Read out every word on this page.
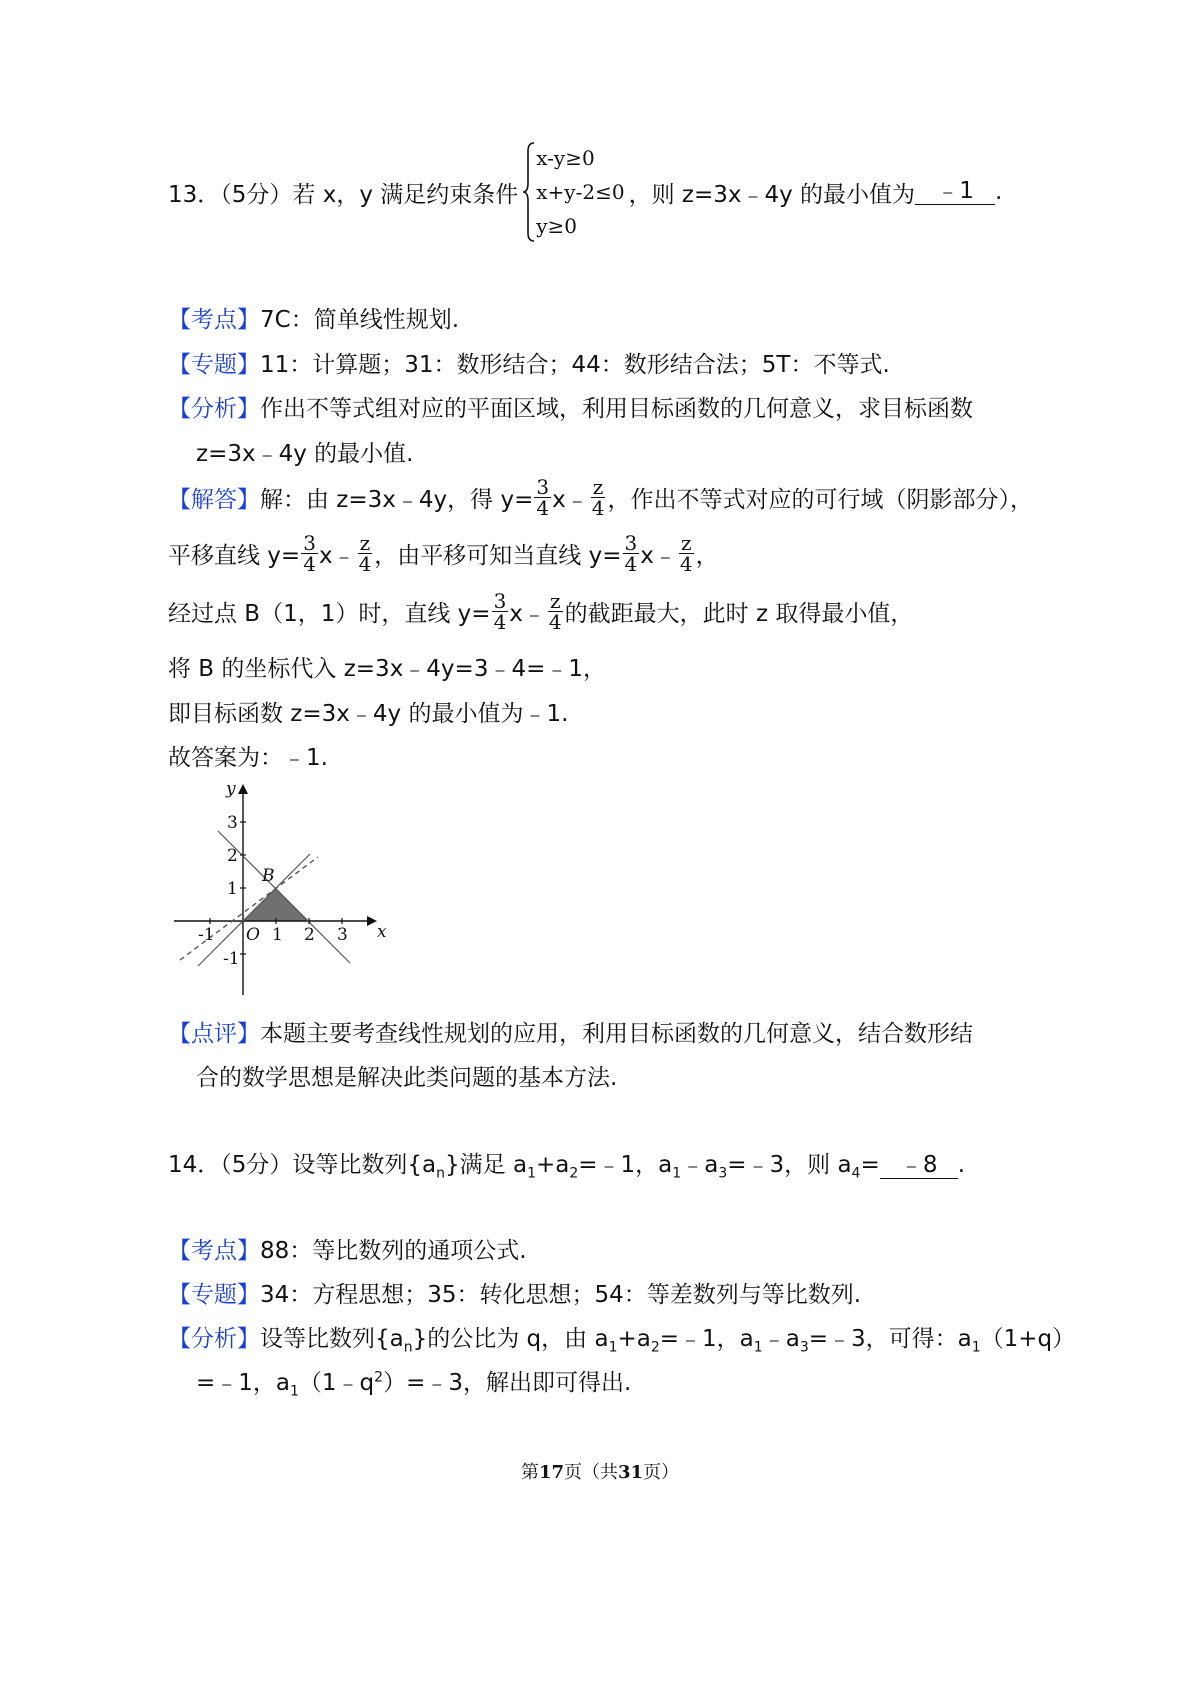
13．（5分）若 x，y 满足约束条件
x-y≥0
x+y-2≤0
y≥0
，则 z=3x﹣4y 的最小值为 ﹣1 .
【考点】7C：简单线性规划.
【专题】11：计算题；31：数形结合；44：数形结合法；5T：不等式.
【分析】作出不等式组对应的平面区域，利用目标函数的几何意义，求目标函数
z=3x﹣4y 的最小值.
【解答】 解：由 z=3x﹣4y，得 $y= \frac{3}{4}$ x﹣ $\frac{z}{4}$ ，作出不等式对应的可行域（阴影部分），
平移直线 $y= \frac{3}{4}$ x﹣ $\frac{z}{4}$ ，由平移可知当直线 $y= \frac{3}{4}$ x﹣ $\frac{z}{4}$ ，
经过点 B（1，1）时，直线 $y= \frac{3}{4}$ x﹣ $\frac{z}{4}$ 的截距最大，此时 z 取得最小值，
将 B 的坐标代入 z=3x﹣4y=3﹣4=﹣1，
即目标函数 z=3x﹣4y 的最小值为﹣1.
故答案为：﹣1.
y
x
3
2
1
-1
-1	1 2 3
O
B
【点评】本题主要考查线性规划的应用，利用目标函数的几何意义，结合数形结
合的数学思想是解决此类问题的基本方法.
14．（5分）设等比数列$\{a_n\}$满足 $a_1+a_2=﹣1$，$a_1﹣a_3=﹣3$，则 $a_4=$ ﹣8 .
【考点】88：等比数列的通项公式.
【专题】34：方程思想；35：转化思想；54：等差数列与等比数列.
【分析】设等比数列$\{a_n\}$的公比为 q，由 $a_1+a_2=﹣1$，$a_1﹣a_3=﹣3$，可得：$a_1(1+q)$
=﹣1，$a_1(1﹣q^2)=﹣3$，解出即可得出.
第17页（共31页）
